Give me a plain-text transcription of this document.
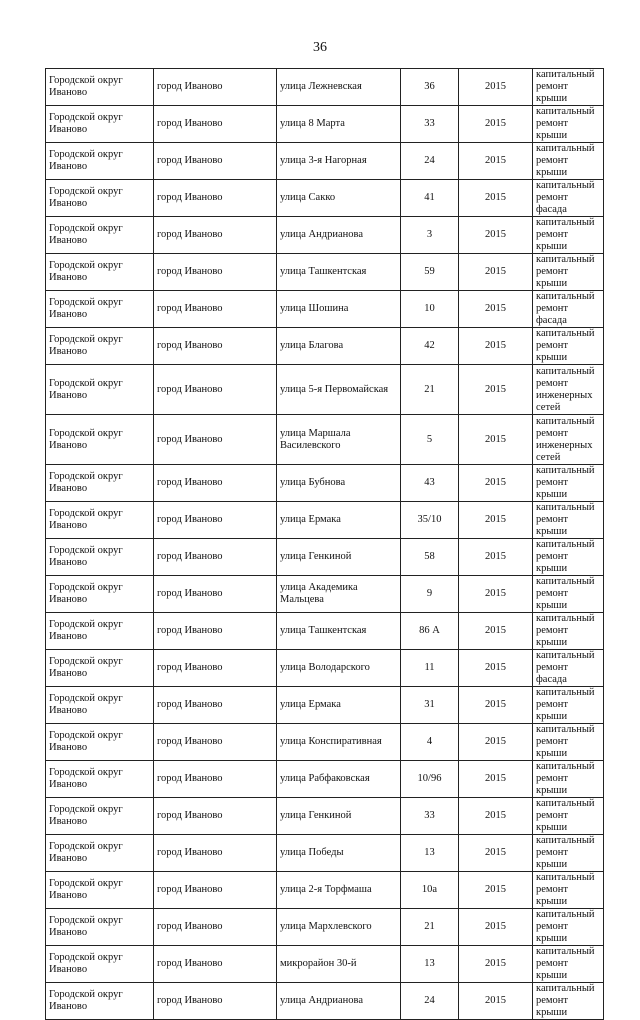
36
Городской округ Иваново	город Иваново	улица Лежневская	36	2015	капитальный ремонт крыши
Городской округ Иваново	город Иваново	улица 8 Марта	33	2015	капитальный ремонт крыши
Городской округ Иваново	город Иваново	улица 3-я Нагорная	24	2015	капитальный ремонт крыши
Городской округ Иваново	город Иваново	улица Сакко	41	2015	капитальный ремонт фасада
Городской округ Иваново	город Иваново	улица Андрианова	3	2015	капитальный ремонт крыши
Городской округ Иваново	город Иваново	улица Ташкентская	59	2015	капитальный ремонт крыши
Городской округ Иваново	город Иваново	улица Шошина	10	2015	капитальный ремонт фасада
Городской округ Иваново	город Иваново	улица Благова	42	2015	капитальный ремонт крыши
Городской округ Иваново	город Иваново	улица 5-я Первомайская	21	2015	капитальный ремонт инженерных сетей
Городской округ Иваново	город Иваново	улица Маршала Василевского	5	2015	капитальный ремонт инженерных сетей
Городской округ Иваново	город Иваново	улица Бубнова	43	2015	капитальный ремонт крыши
Городской округ Иваново	город Иваново	улица Ермака	35/10	2015	капитальный ремонт крыши
Городской округ Иваново	город Иваново	улица Генкиной	58	2015	капитальный ремонт крыши
Городской округ Иваново	город Иваново	улица Академика Мальцева	9	2015	капитальный ремонт крыши
Городской округ Иваново	город Иваново	улица Ташкентская	86 А	2015	капитальный ремонт крыши
Городской округ Иваново	город Иваново	улица Володарского	11	2015	капитальный ремонт фасада
Городской округ Иваново	город Иваново	улица Ермака	31	2015	капитальный ремонт крыши
Городской округ Иваново	город Иваново	улица Конспиративная	4	2015	капитальный ремонт крыши
Городской округ Иваново	город Иваново	улица Рабфаковская	10/96	2015	капитальный ремонт крыши
Городской округ Иваново	город Иваново	улица Генкиной	33	2015	капитальный ремонт крыши
Городской округ Иваново	город Иваново	улица Победы	13	2015	капитальный ремонт крыши
Городской округ Иваново	город Иваново	улица 2-я Торфмаша	10а	2015	капитальный ремонт крыши
Городской округ Иваново	город Иваново	улица Мархлевского	21	2015	капитальный ремонт крыши
Городской округ Иваново	город Иваново	микрорайон 30-й	13	2015	капитальный ремонт крыши
Городской округ Иваново	город Иваново	улица Андрианова	24	2015	капитальный ремонт крыши
